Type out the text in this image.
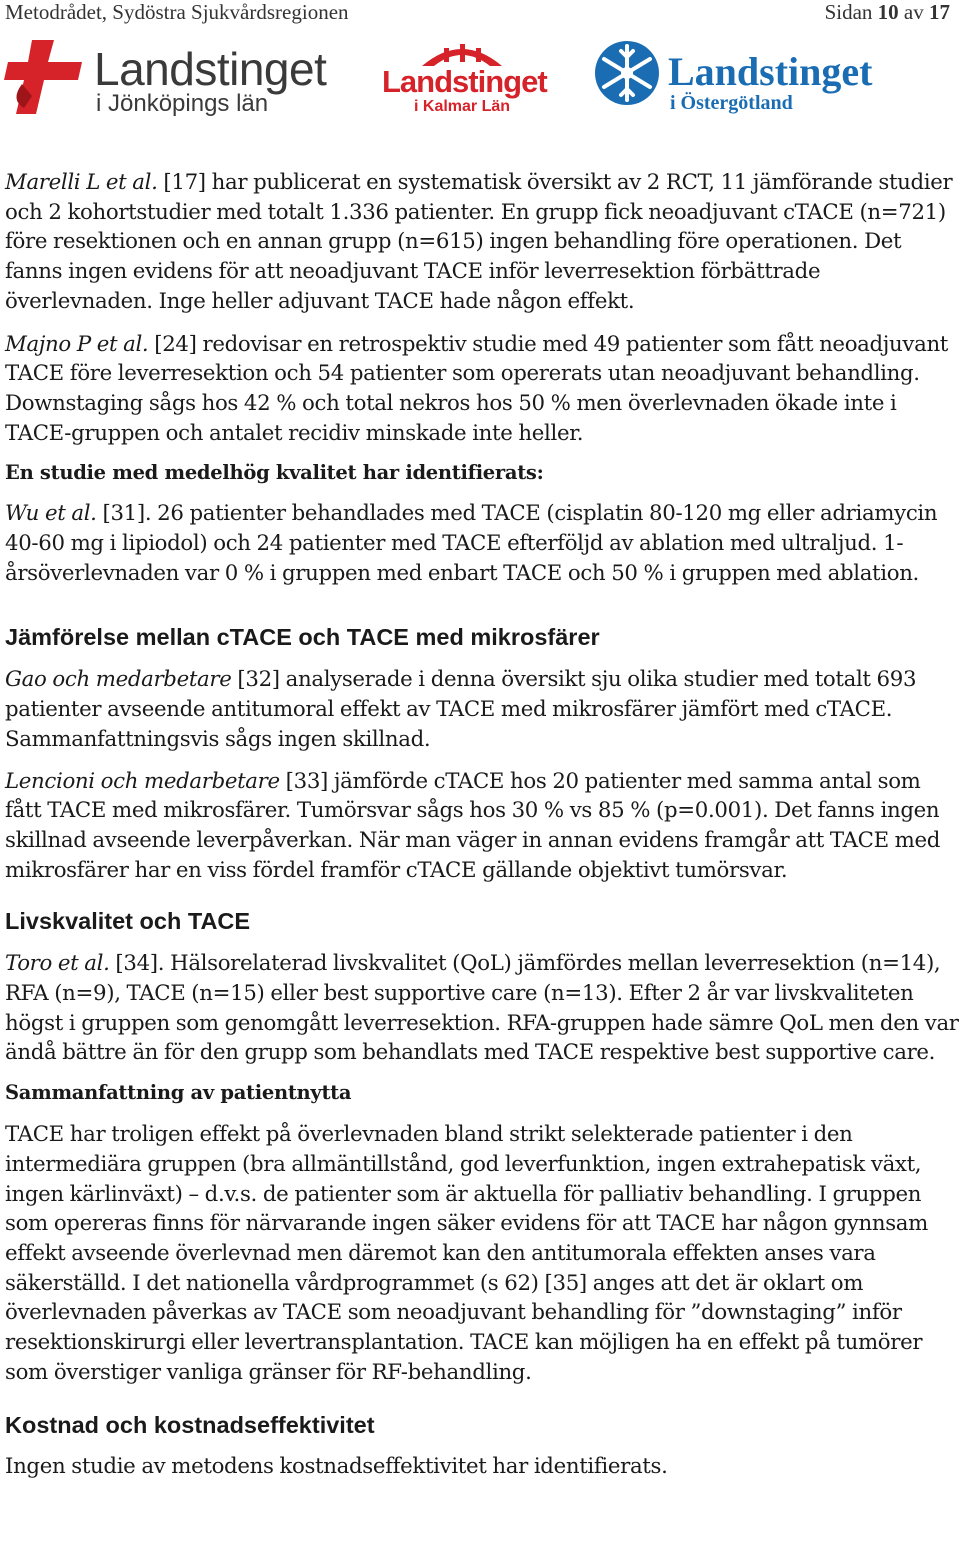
Metodrådet, Sydöstra Sjukvårdsregionen	Sidan 10 av 17
Landstinget
i Jönköpings län
Landstinget
i Kalmar Län
Landstinget
i Östergötland

Marelli L et al. [17] har publicerat en systematisk översikt av 2 RCT, 11 jämförande studier och 2 kohortstudier med totalt 1.336 patienter. En grupp fick neoadjuvant cTACE (n=721) före resektionen och en annan grupp (n=615) ingen behandling före operationen. Det fanns ingen evidens för att neoadjuvant TACE inför leverresektion förbättrade överlevnaden. Inge heller adjuvant TACE hade någon effekt.

Majno P et al. [24] redovisar en retrospektiv studie med 49 patienter som fått neoadjuvant TACE före leverresektion och 54 patienter som opererats utan neoadjuvant behandling. Downstaging sågs hos 42 % och total nekros hos 50 % men överlevnaden ökade inte i TACE-gruppen och antalet recidiv minskade inte heller.

En studie med medelhög kvalitet har identifierats:

Wu et al. [31]. 26 patienter behandlades med TACE (cisplatin 80-120 mg eller adriamycin 40-60 mg i lipiodol) och 24 patienter med TACE efterföljd av ablation med ultraljud. 1-årsöverlevnaden var 0 % i gruppen med enbart TACE och 50 % i gruppen med ablation.

Jämförelse mellan cTACE och TACE med mikrosfärer

Gao och medarbetare [32] analyserade i denna översikt sju olika studier med totalt 693 patienter avseende antitumoral effekt av TACE med mikrosfärer jämfört med cTACE. Sammanfattningsvis sågs ingen skillnad.

Lencioni och medarbetare [33] jämförde cTACE hos 20 patienter med samma antal som fått TACE med mikrosfärer. Tumörsvar sågs hos 30 % vs 85 % (p=0.001). Det fanns ingen skillnad avseende leverpåverkan. När man väger in annan evidens framgår att TACE med mikrosfärer har en viss fördel framför cTACE gällande objektivt tumörsvar.

Livskvalitet och TACE

Toro et al. [34]. Hälsorelaterad livskvalitet (QoL) jämfördes mellan leverresektion (n=14), RFA (n=9), TACE (n=15) eller best supportive care (n=13). Efter 2 år var livskvaliteten högst i gruppen som genomgått leverresektion. RFA-gruppen hade sämre QoL men den var ändå bättre än för den grupp som behandlats med TACE respektive best supportive care.

Sammanfattning av patientnytta

TACE har troligen effekt på överlevnaden bland strikt selekterade patienter i den intermediära gruppen (bra allmäntillstånd, god leverfunktion, ingen extrahepatisk växt, ingen kärlinväxt) – d.v.s. de patienter som är aktuella för palliativ behandling. I gruppen som opereras finns för närvarande ingen säker evidens för att TACE har någon gynnsam effekt avseende överlevnad men däremot kan den antitumorala effekten anses vara säkerställd. I det nationella vårdprogrammet (s 62) [35] anges att det är oklart om överlevnaden påverkas av TACE som neoadjuvant behandling för ”downstaging” inför resektionskirurgi eller levertransplantation. TACE kan möjligen ha en effekt på tumörer som överstiger vanliga gränser för RF-behandling.

Kostnad och kostnadseffektivitet

Ingen studie av metodens kostnadseffektivitet har identifierats.
